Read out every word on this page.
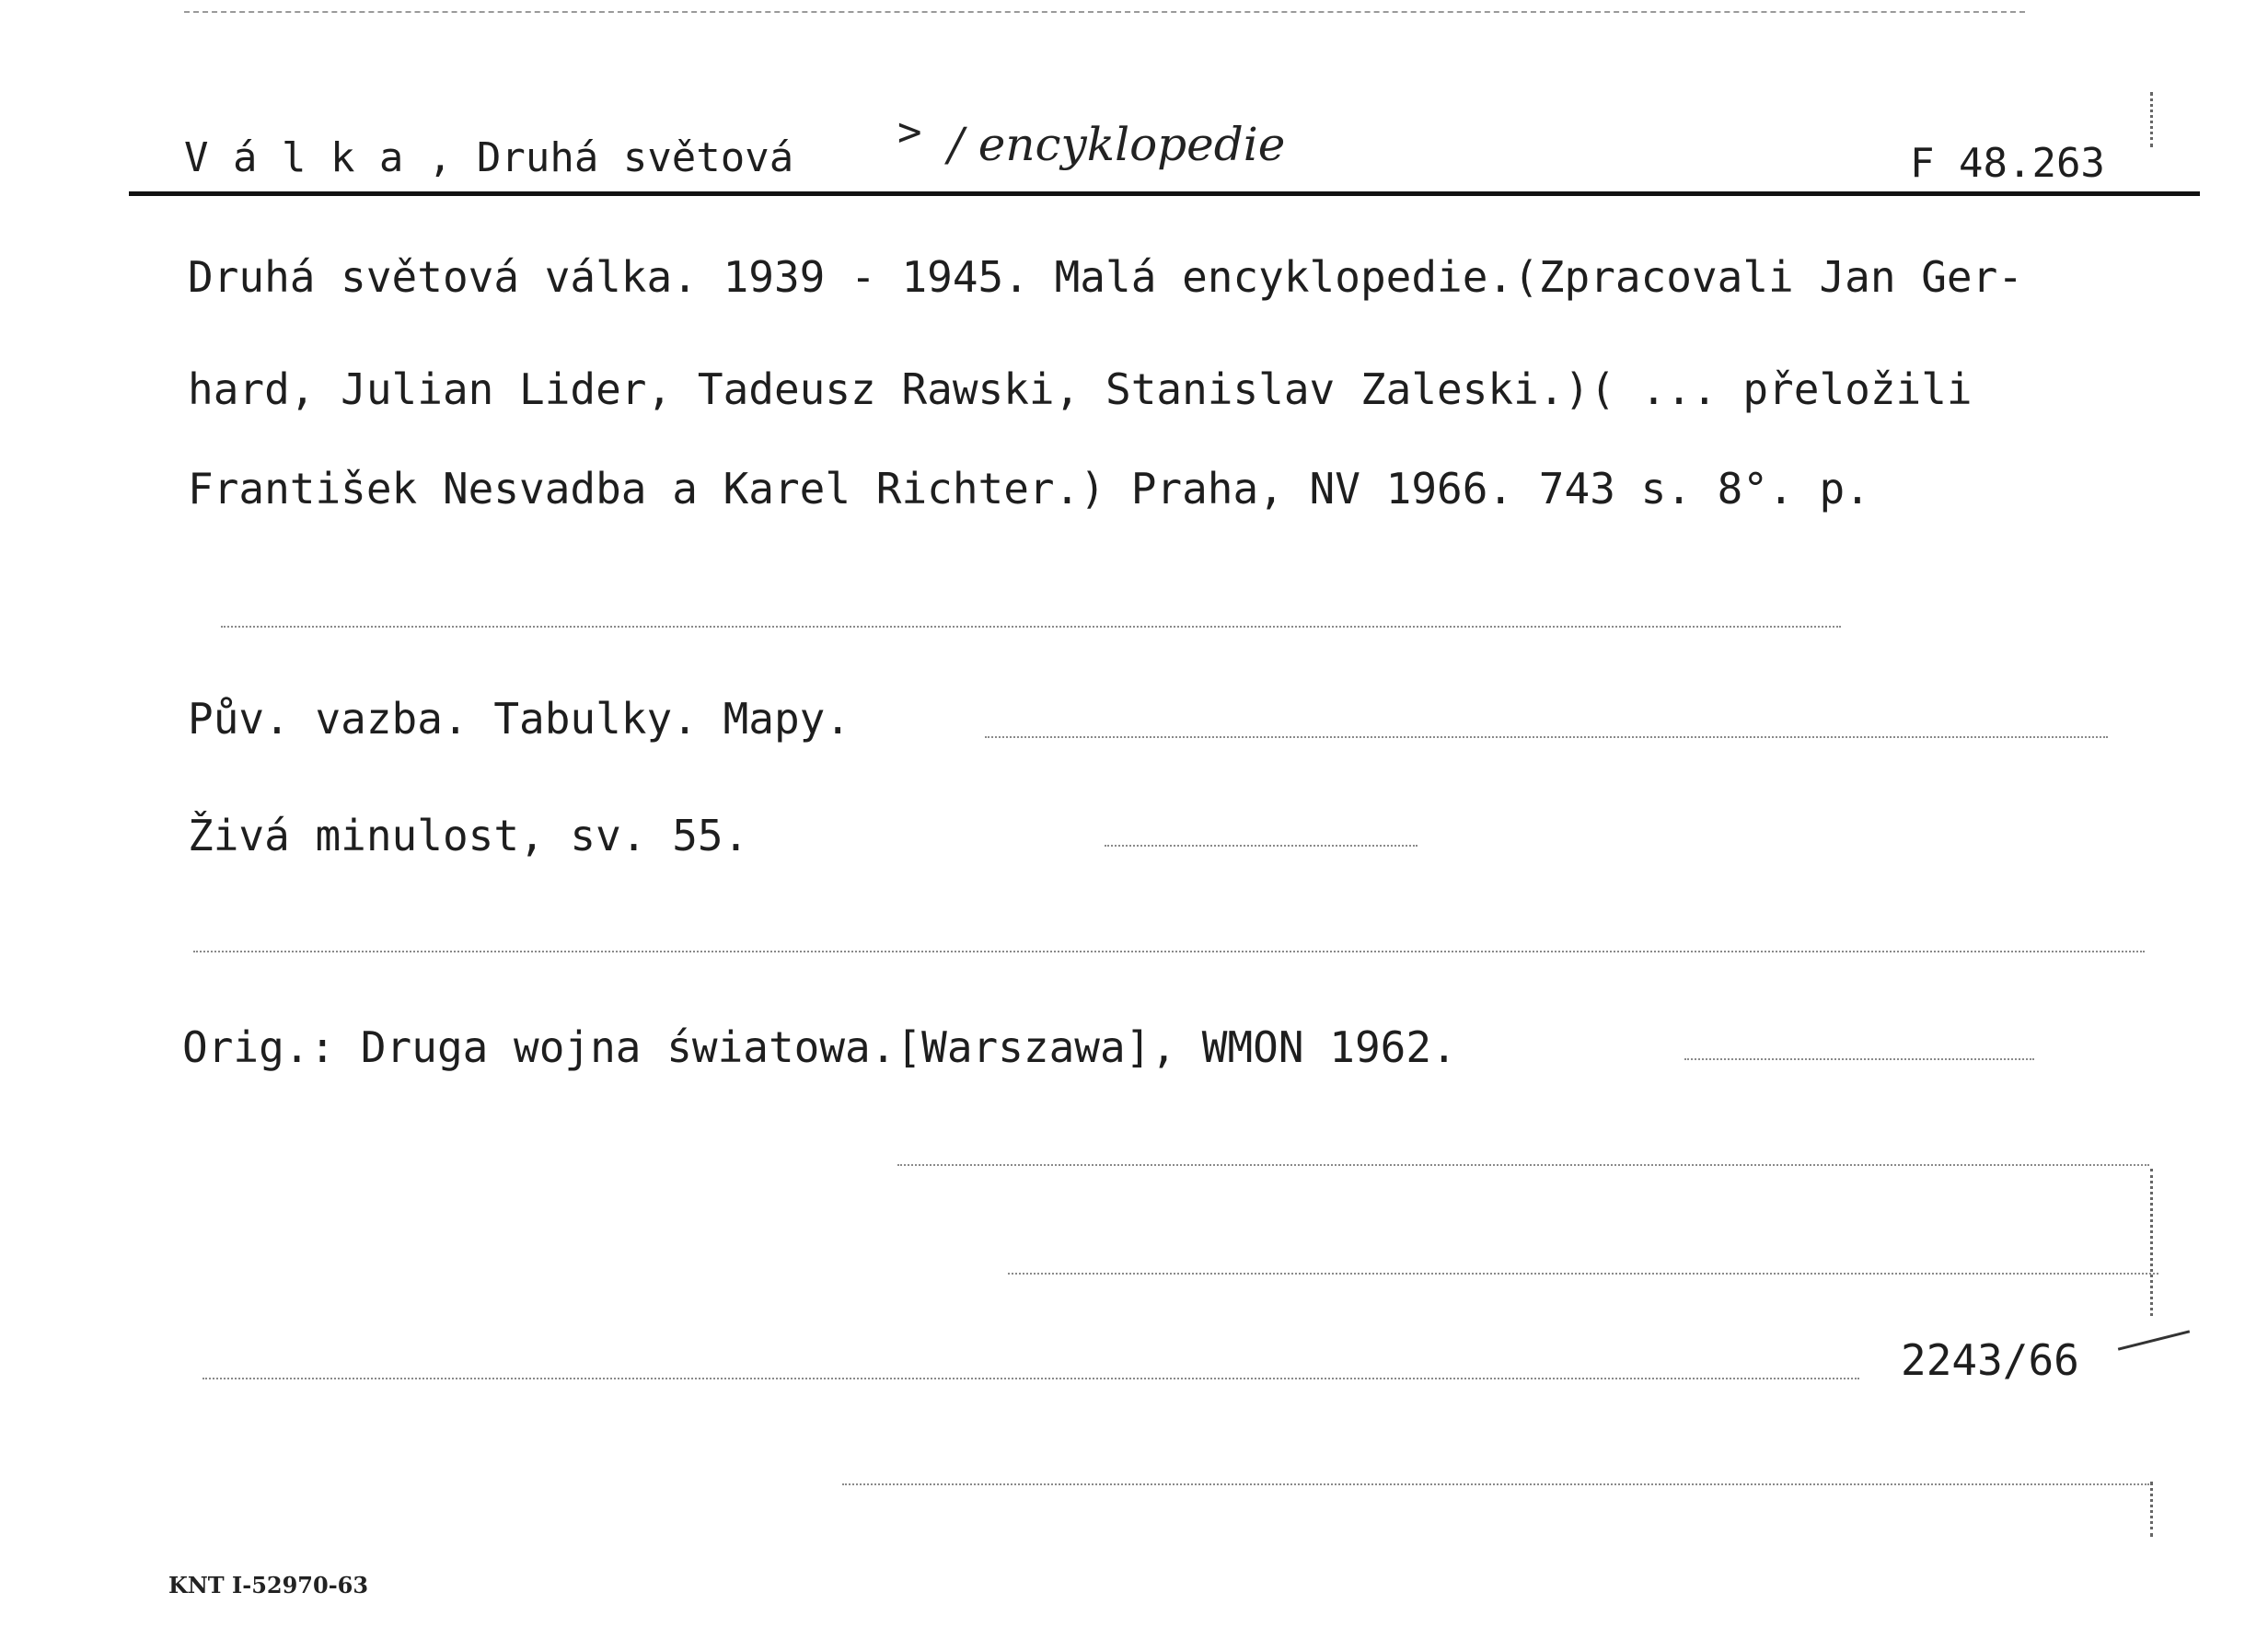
V á l k a , Druhá světová
> / encyklopedie	F 48.263
Druhá světová válka. 1939 - 1945. Malá encyklopedie.(Zpracovali Jan Ger-
hard, Julian Lider, Tadeusz Rawski, Stanislav Zaleski.)( ... přeložili
František Nesvadba a Karel Richter.) Praha, NV 1966. 743 s. 8°. p.
Pův. vazba. Tabulky. Mapy.
Živá minulost, sv. 55.
Orig.: Druga wojna światowa.[Warszawa], WMON 1962.
2243/66
KNT I-52970-63
